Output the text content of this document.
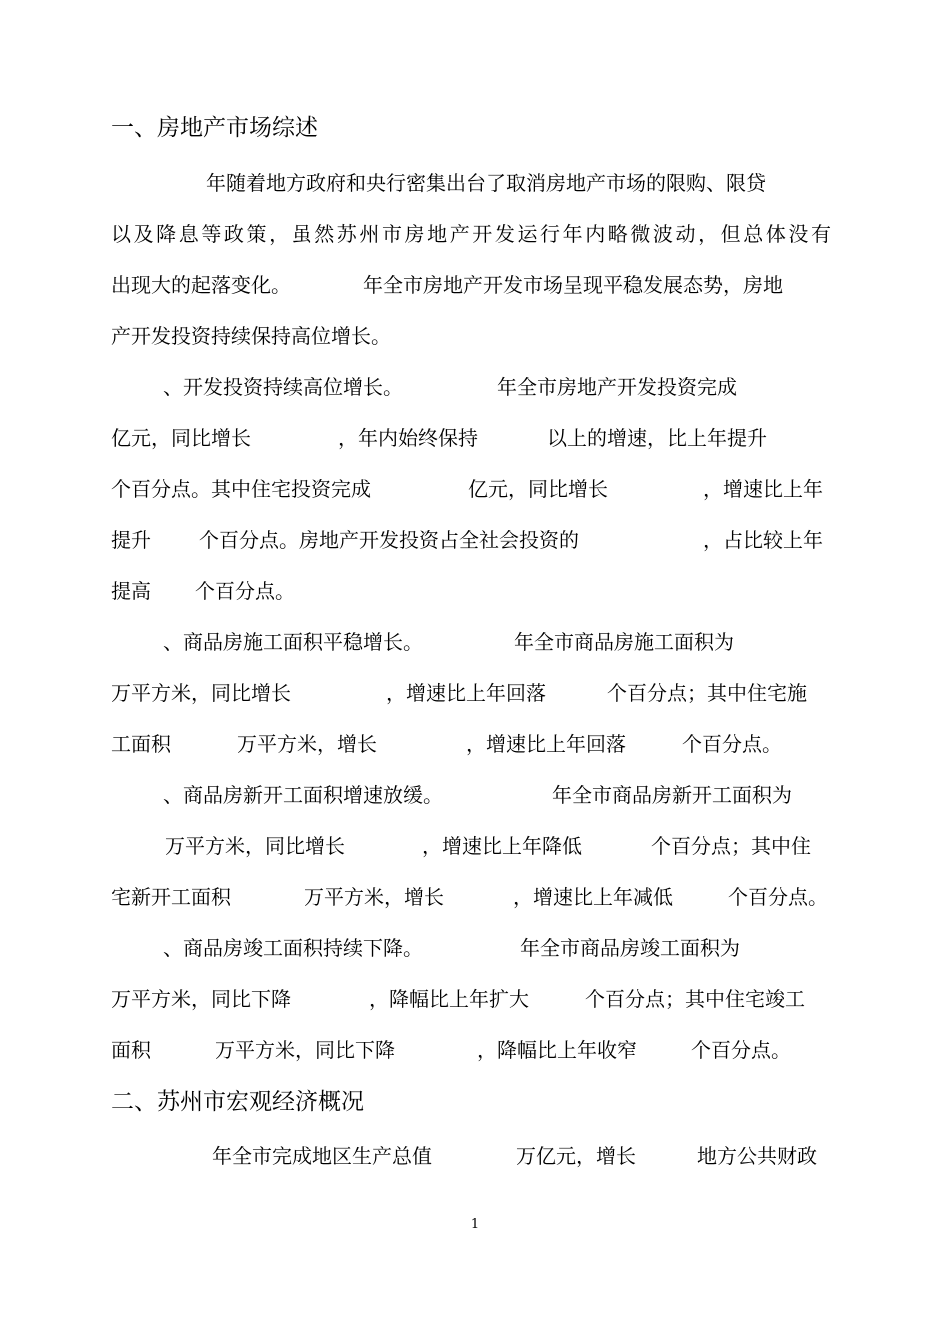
一、房地产市场综述
年随着地方政府和央行密集出台了取消房地产市场的限购、限贷
以及降息等政策，虽然苏州市房地产开发运行年内略微波动，但总体没有
出现大的起落变化。	年全市房地产开发市场呈现平稳发展态势，房地
产开发投资持续保持高位增长。
、开发投资持续高位增长。	年全市房地产开发投资完成
亿元，同比增长	，年内始终保持	以上的增速，比上年提升
个百分点。其中住宅投资完成	亿元，同比增长	，增速比上年
提升 个百分点。房地产开发投资占全社会投资的	，占比较上年
提高 个百分点。
、商品房施工面积平稳增长。	年全市商品房施工面积为
万平方米，同比增长	，增速比上年回落	个百分点；其中住宅施
工面积	万平方米，增长	，增速比上年回落	个百分点。
、商品房新开工面积增速放缓。	年全市商品房新开工面积为
万平方米，同比增长	，增速比上年降低	个百分点；其中住
宅新开工面积	万平方米，增长	，增速比上年减低	个百分点。
、商品房竣工面积持续下降。	年全市商品房竣工面积为
万平方米，同比下降	，降幅比上年扩大	个百分点；其中住宅竣工
面积	万平方米，同比下降	，降幅比上年收窄	个百分点。
二、苏州市宏观经济概况
年全市完成地区生产总值	万亿元，增长	地方公共财政
1
